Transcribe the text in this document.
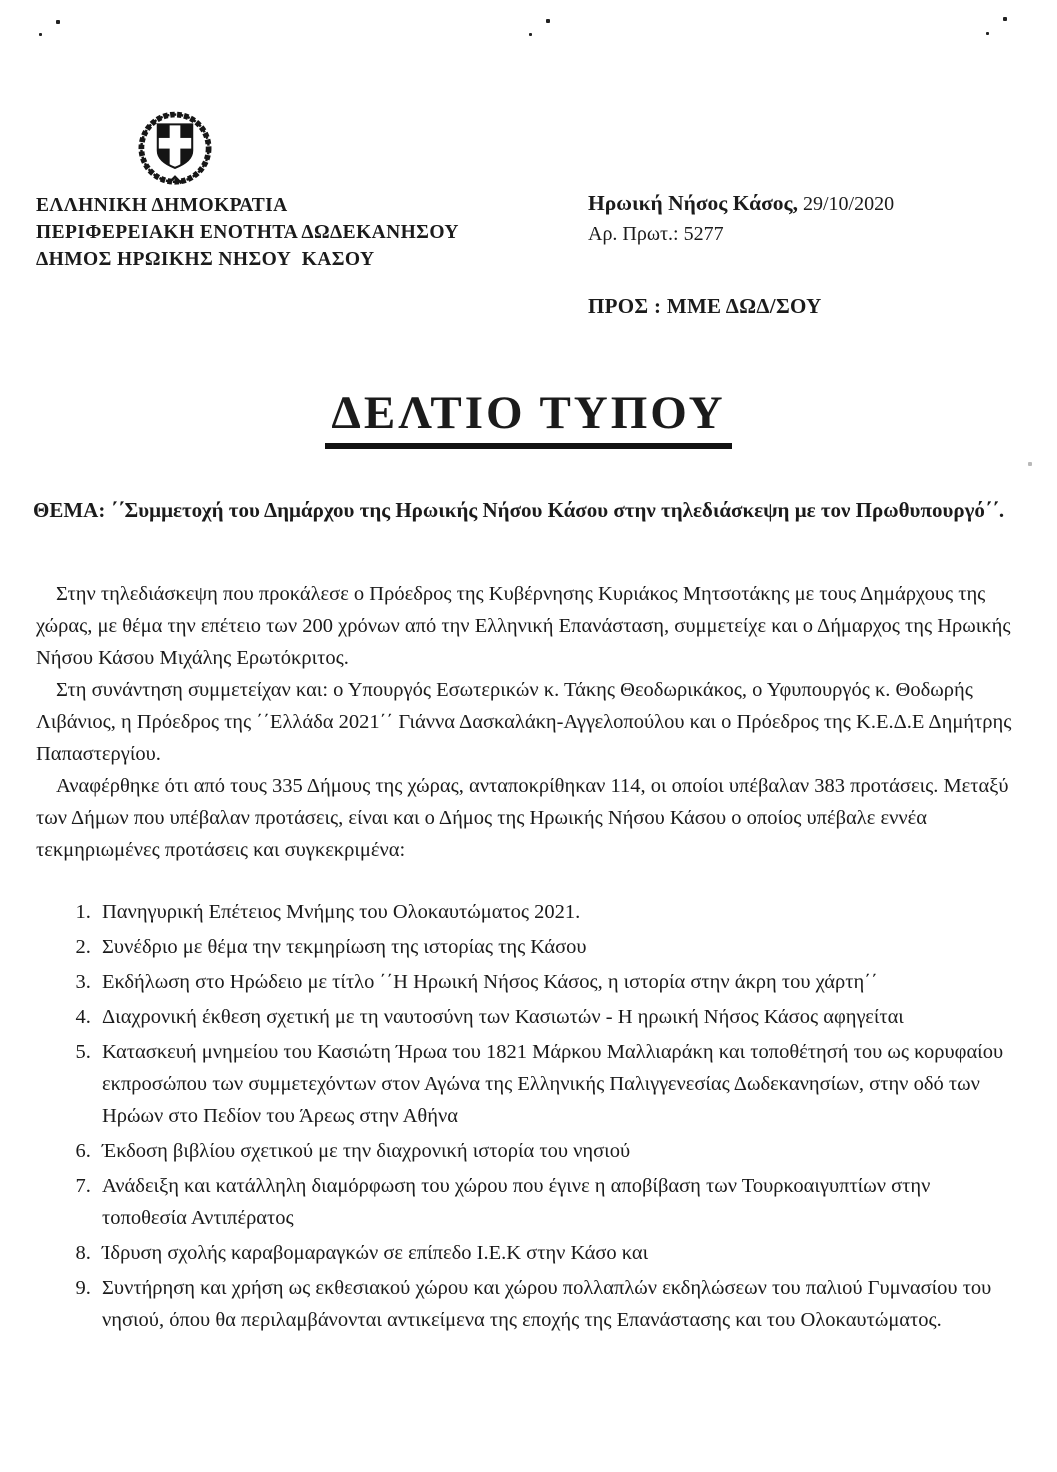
ΕΛΛΗΝΙΚΗ ΔΗΜΟΚΡΑΤΙΑ
ΠΕΡΙΦΕΡΕΙΑΚΗ ΕΝΟΤΗΤΑ ΔΩΔΕΚΑΝΗΣΟΥ
ΔΗΜΟΣ ΗΡΩΙΚΗΣ ΝΗΣΟΥ  ΚΑΣΟΥ
Ηρωική Νήσος Κάσος, 29/10/2020
Αρ. Πρωτ.: 5277
ΠΡΟΣ : ΜΜΕ ΔΩΔ/ΣΟΥ
ΔΕΛΤΙΟ ΤΥΠΟΥ
ΘΕΜΑ: ΄΄Συμμετοχή του Δημάρχου της Ηρωικής Νήσου Κάσου στην τηλεδιάσκεψη με τον Πρωθυπουργό΄΄.

Στην τηλεδιάσκεψη που προκάλεσε ο Πρόεδρος της Κυβέρνησης Κυριάκος Μητσοτάκης με τους Δημάρχους της χώρας, με θέμα την επέτειο των 200 χρόνων από την Ελληνική Επανάσταση, συμμετείχε και ο Δήμαρχος της Ηρωικής Νήσου Κάσου Μιχάλης Ερωτόκριτος.

Στη συνάντηση συμμετείχαν και: ο Υπουργός Εσωτερικών κ. Τάκης Θεοδωρικάκος, ο Υφυπουργός κ. Θοδωρής Λιβάνιος, η Πρόεδρος της ΄΄Ελλάδα 2021΄΄ Γιάννα Δασκαλάκη-Αγγελοπούλου και ο Πρόεδρος της Κ.Ε.Δ.Ε Δημήτρης Παπαστεργίου.

Αναφέρθηκε ότι από τους 335 Δήμους της χώρας, ανταποκρίθηκαν 114, οι οποίοι υπέβαλαν 383 προτάσεις. Μεταξύ των Δήμων που υπέβαλαν προτάσεις, είναι και ο Δήμος της Ηρωικής Νήσου Κάσου ο οποίος υπέβαλε εννέα τεκμηριωμένες προτάσεις και συγκεκριμένα:

1. Πανηγυρική Επέτειος Μνήμης του Ολοκαυτώματος 2021.
2. Συνέδριο με θέμα την τεκμηρίωση της ιστορίας της Κάσου
3. Εκδήλωση στο Ηρώδειο με τίτλο ΄΄Η Ηρωική Νήσος Κάσος, η ιστορία στην άκρη του χάρτη΄΄
4. Διαχρονική έκθεση σχετική με τη ναυτοσύνη των Κασιωτών - Η ηρωική Νήσος Κάσος αφηγείται
5. Κατασκευή μνημείου του Κασιώτη Ήρωα του 1821 Μάρκου Μαλλιαράκη και τοποθέτησή του ως κορυφαίου εκπροσώπου των συμμετεχόντων στον Αγώνα της Ελληνικής Παλιγγενεσίας Δωδεκανησίων, στην οδό των Ηρώων στο Πεδίον του Άρεως στην Αθήνα
6. Έκδοση βιβλίου σχετικού με την διαχρονική ιστορία του νησιού
7. Ανάδειξη και κατάλληλη διαμόρφωση του χώρου που έγινε η αποβίβαση των Τουρκοαιγυπτίων στην τοποθεσία Αντιπέρατος
8. Ίδρυση σχολής καραβομαραγκών σε επίπεδο Ι.Ε.Κ στην Κάσο και
9. Συντήρηση και χρήση ως εκθεσιακού χώρου και χώρου πολλαπλών εκδηλώσεων του παλιού Γυμνασίου του νησιού, όπου θα περιλαμβάνονται αντικείμενα της εποχής της Επανάστασης και του Ολοκαυτώματος.
